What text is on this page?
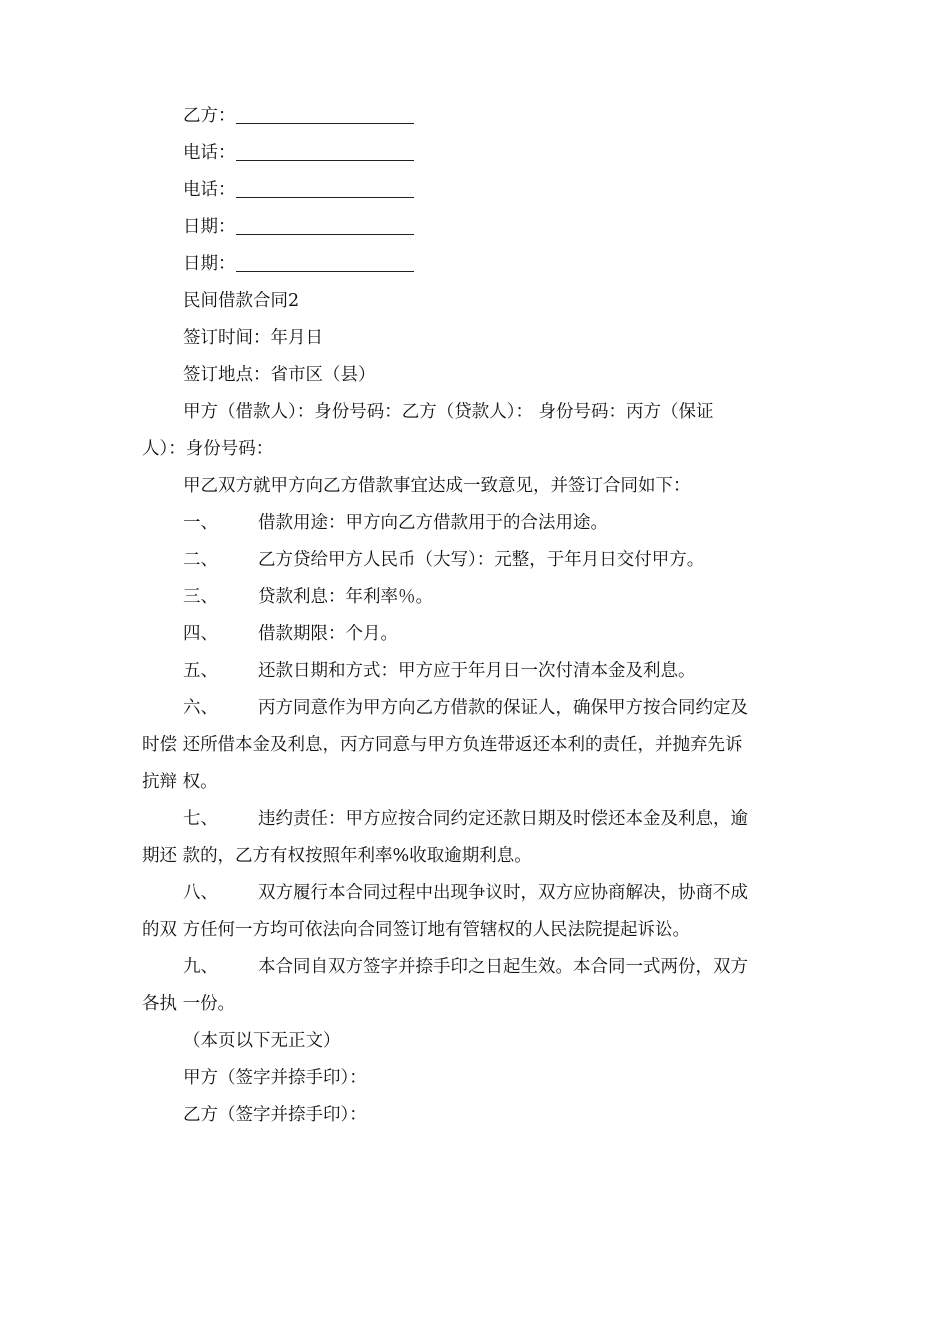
乙方：
电话：
电话：
日期：
日期：
民间借款合同2
签订时间：年月日
签订地点：省市区（县）
甲方（借款人）：身份号码：乙方（贷款人）： 身份号码：丙方（保证
人）：身份号码：
甲乙双方就甲方向乙方借款事宜达成一致意见，并签订合同如下：
一、 借款用途：甲方向乙方借款用于的合法用途。
二、 乙方贷给甲方人民币（大写）：元整，于年月日交付甲方。
三、 贷款利息：年利率％。
四、 借款期限：个月。
五、 还款日期和方式：甲方应于年月日一次付清本金及利息。
六、 丙方同意作为甲方向乙方借款的保证人，确保甲方按合同约定及
时偿 还所借本金及利息，丙方同意与甲方负连带返还本利的责任，并抛弃先诉
抗辩 权。
七、 违约责任：甲方应按合同约定还款日期及时偿还本金及利息，逾
期还 款的，乙方有权按照年利率%收取逾期利息。
八、 双方履行本合同过程中出现争议时，双方应协商解决，协商不成
的双 方任何一方均可依法向合同签订地有管辖权的人民法院提起诉讼。
九、 本合同自双方签字并捺手印之日起生效。本合同一式两份，双方
各执 一份。
（本页以下无正文）
甲方（签字并捺手印）：
乙方（签字并捺手印）：
